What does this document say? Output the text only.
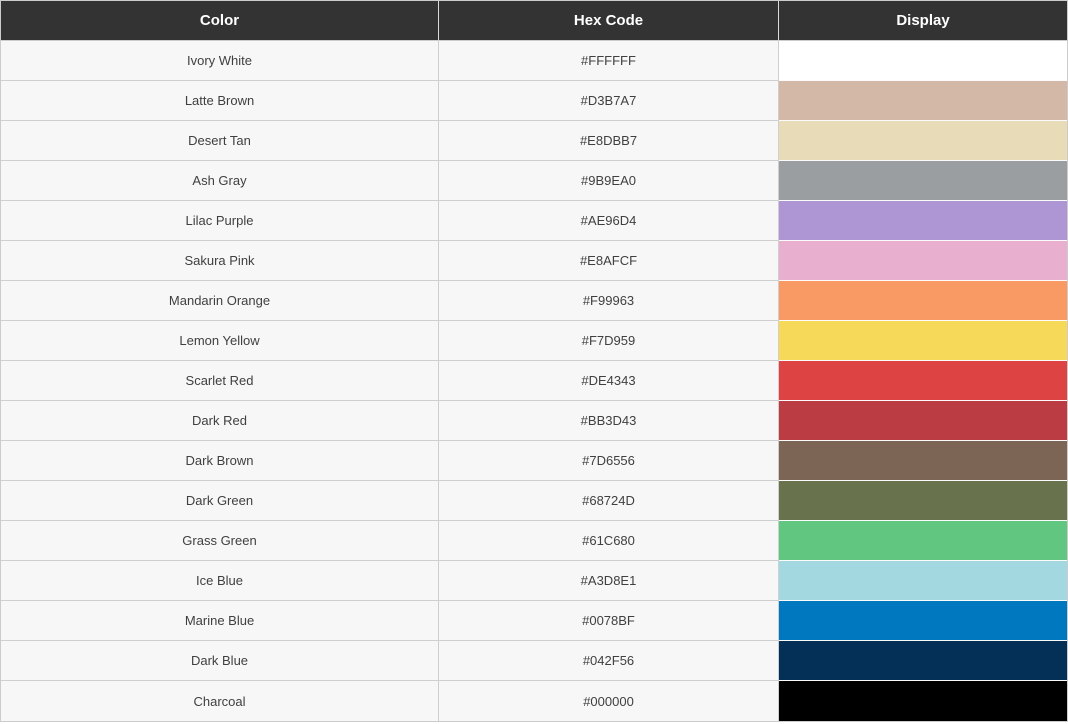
Color	Hex Code	Display
Ivory White	#FFFFFF	
Latte Brown	#D3B7A7	
Desert Tan	#E8DBB7	
Ash Gray	#9B9EA0	
Lilac Purple	#AE96D4	
Sakura Pink	#E8AFCF	
Mandarin Orange	#F99963	
Lemon Yellow	#F7D959	
Scarlet Red	#DE4343	
Dark Red	#BB3D43	
Dark Brown	#7D6556	
Dark Green	#68724D	
Grass Green	#61C680	
Ice Blue	#A3D8E1	
Marine Blue	#0078BF	
Dark Blue	#042F56	
Charcoal	#000000	
